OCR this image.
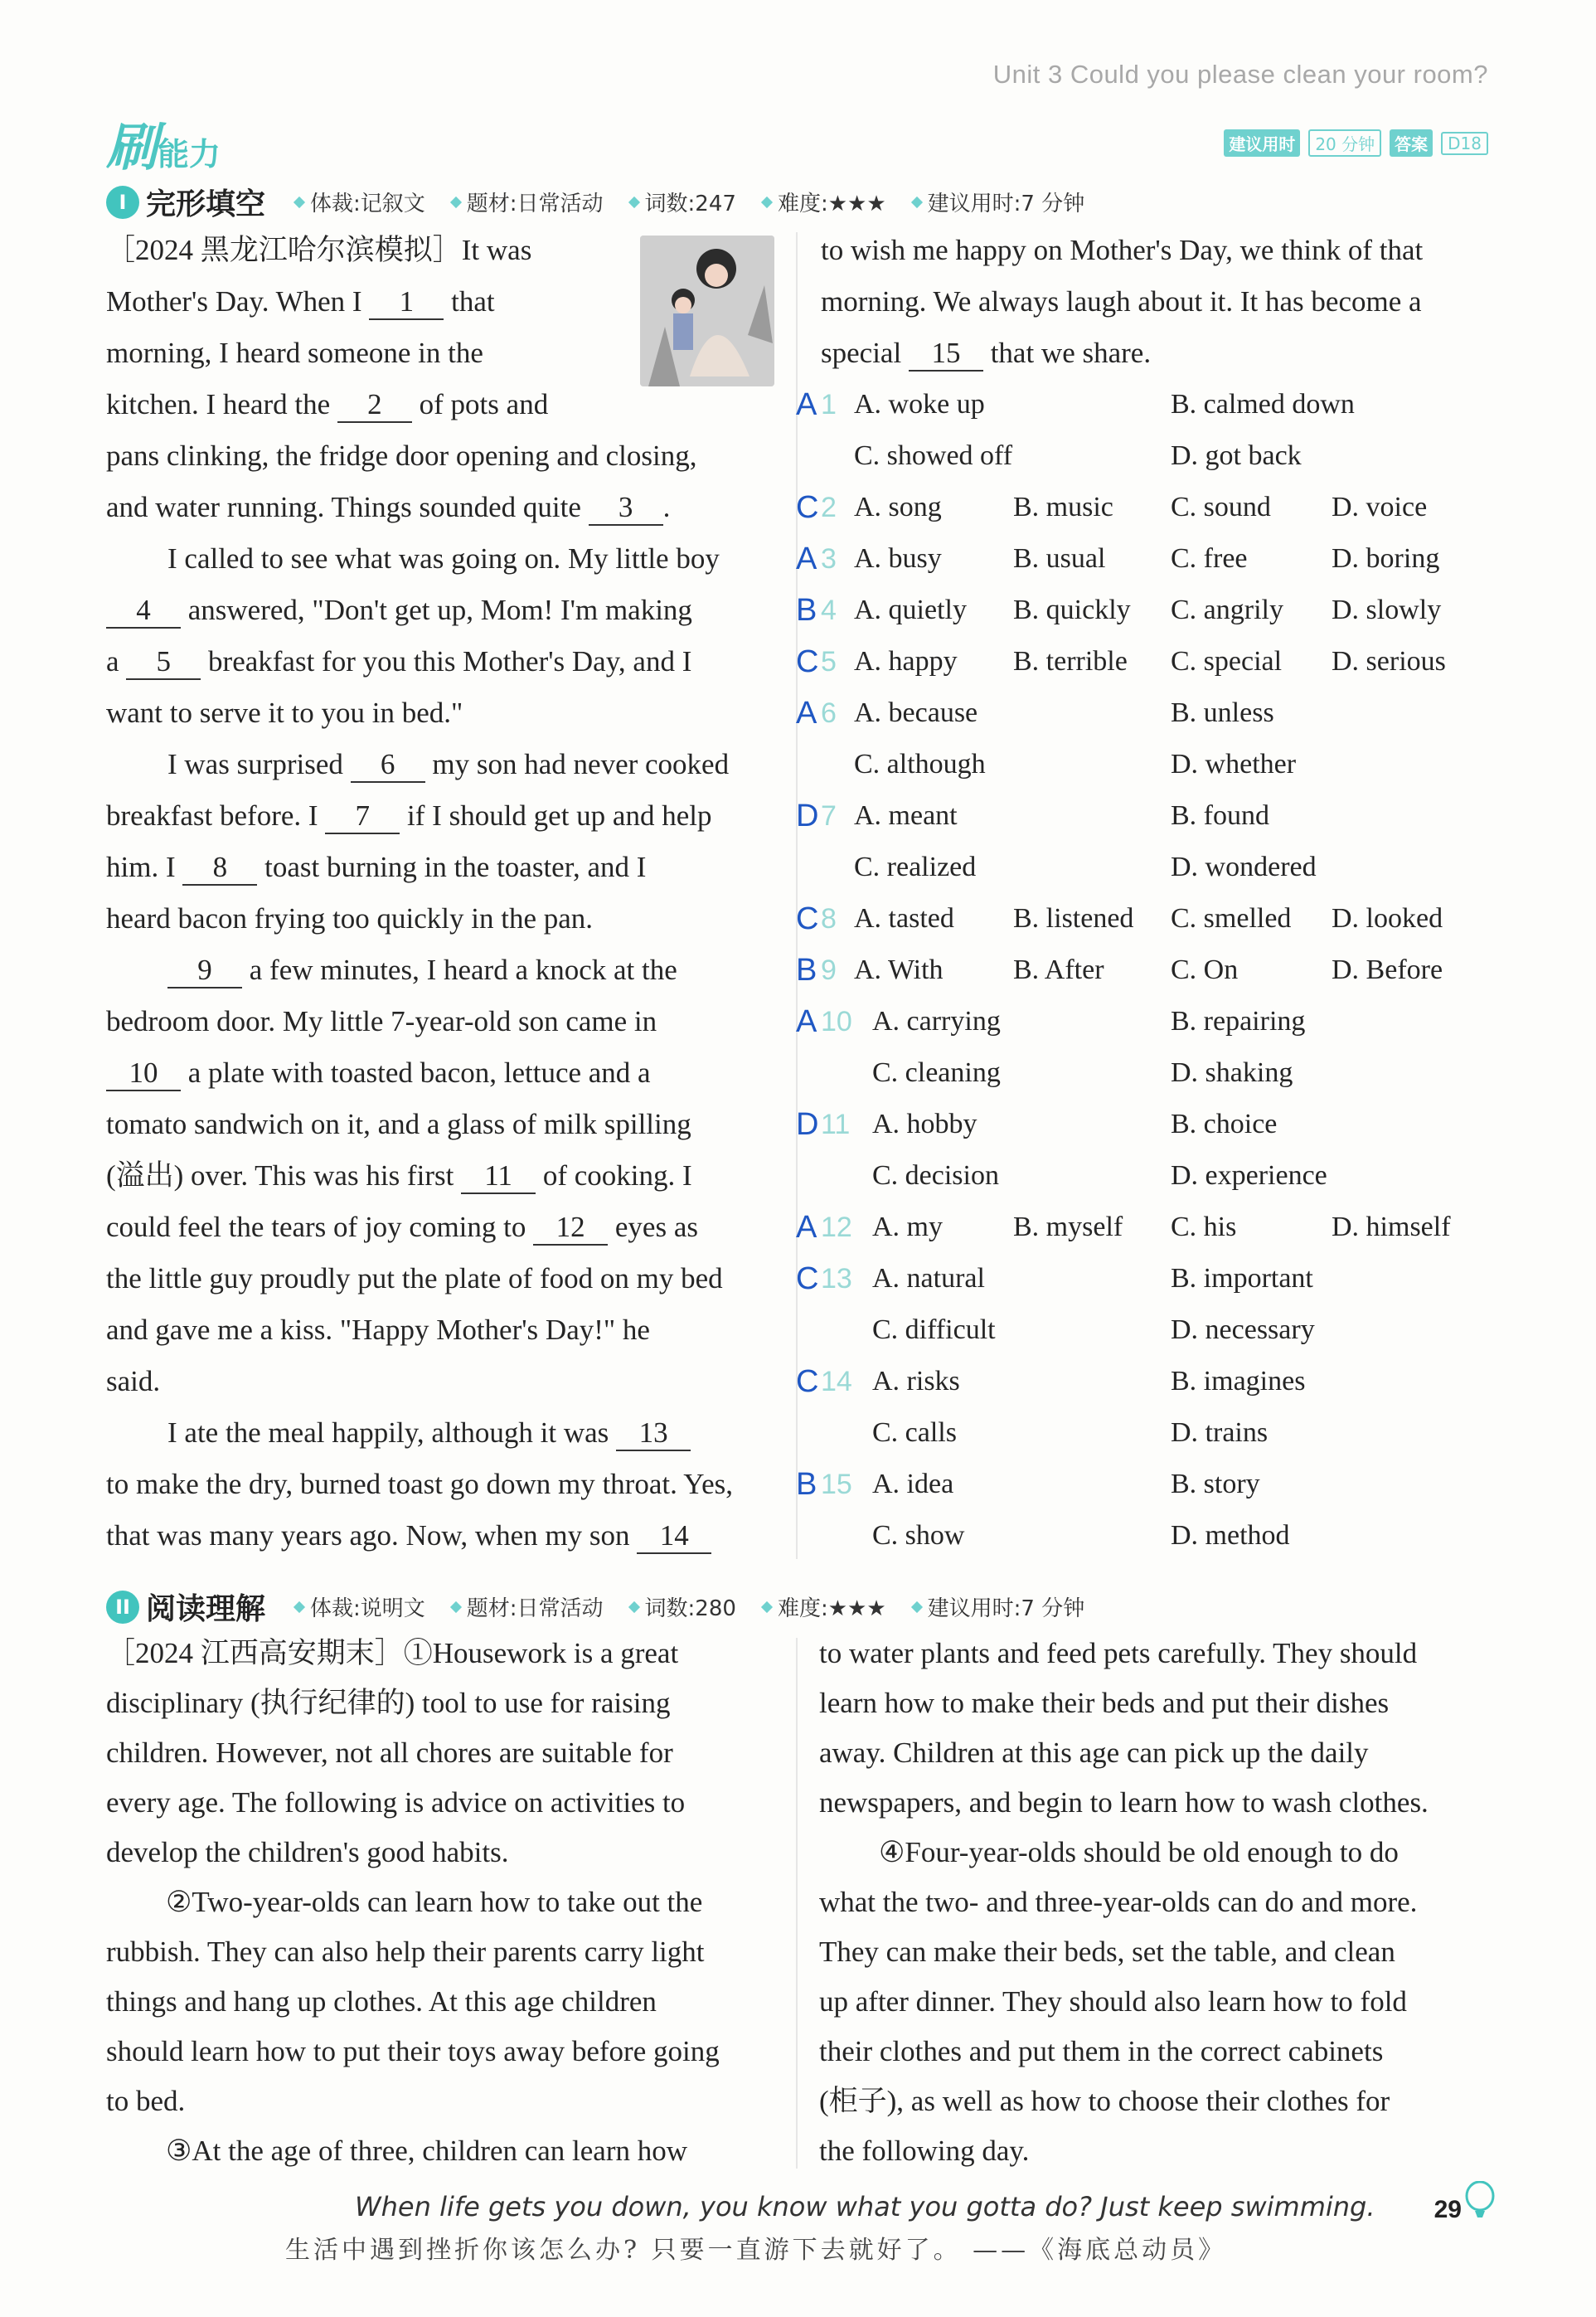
Unit 3 Could you please clean your room?
刷能力	建议用时	20 分钟	答案	D18
I 完形填空 体裁:记叙文 题材:日常活动 词数:247 难度:★★★ 建议用时:7 分钟
［2024 黑龙江哈尔滨模拟］It was
Mother's Day. When I 1 that
morning, I heard someone in the
kitchen. I heard the 2 of pots and
pans clinking, the fridge door opening and closing,
and water running. Things sounded quite 3 .
I called to see what was going on. My little boy
4 answered, "Don't get up, Mom! I'm making
a 5 breakfast for you this Mother's Day, and I
want to serve it to you in bed."
I was surprised 6 my son had never cooked
breakfast before. I 7 if I should get up and help
him. I 8 toast burning in the toaster, and I
heard bacon frying too quickly in the pan.
9 a few minutes, I heard a knock at the
bedroom door. My little 7-year-old son came in
10 a plate with toasted bacon, lettuce and a
tomato sandwich on it, and a glass of milk spilling
(溢出) over. This was his first 11 of cooking. I
could feel the tears of joy coming to 12 eyes as
the little guy proudly put the plate of food on my bed
and gave me a kiss. "Happy Mother's Day!" he
said.
I ate the meal happily, although it was 13
to make the dry, burned toast go down my throat. Yes,
that was many years ago. Now, when my son 14
to wish me happy on Mother's Day, we think of that
morning. We always laugh about it. It has become a
special 15 that we share.
A 1 A. woke up	B. calmed down
C. showed off	D. got back
C 2 A. song	B. music C. sound D. voice
A 3 A. busy	B. usual C. free	D. boring
B 4 A. quietly B. quickly C. angrily D. slowly
C 5 A. happy B. terrible C. special D. serious
A 6 A. because	B. unless
C. although	D. whether
D 7 A. meant	B. found
C. realized	D. wondered
C 8 A. tasted B. listened C. smelled D. looked
B 9 A. With B. After C. On	D. Before
A 10 A. carrying	B. repairing
C. cleaning	D. shaking
D 11 A. hobby	B. choice
C. decision	D. experience
A 12 A. my	B. myself C. his	D. himself
C 13 A. natural	B. important
C. difficult	D. necessary
C 14 A. risks	B. imagines
C. calls	D. trains
B 15 A. idea	B. story
C. show	D. method
II 阅读理解 体裁:说明文 题材:日常活动 词数:280 难度:★★★ 建议用时:7 分钟
［2024 江西高安期末］①Housework is a great
disciplinary (执行纪律的) tool to use for raising
children. However, not all chores are suitable for
every age. The following is advice on activities to
develop the children's good habits.
②Two-year-olds can learn how to take out the
rubbish. They can also help their parents carry light
things and hang up clothes. At this age children
should learn how to put their toys away before going
to bed.
③At the age of three, children can learn how
to water plants and feed pets carefully. They should
learn how to make their beds and put their dishes
away. Children at this age can pick up the daily
newspapers, and begin to learn how to wash clothes.
④Four-year-olds should be old enough to do
what the two- and three-year-olds can do and more.
They can make their beds, set the table, and clean
up after dinner. They should also learn how to fold
their clothes and put them in the correct cabinets
(柜子), as well as how to choose their clothes for
the following day.
When life gets you down, you know what you gotta do? Just keep swimming.
生活中遇到挫折你该怎么办? 只要一直游下去就好了。 ——《海底总动员》
29
